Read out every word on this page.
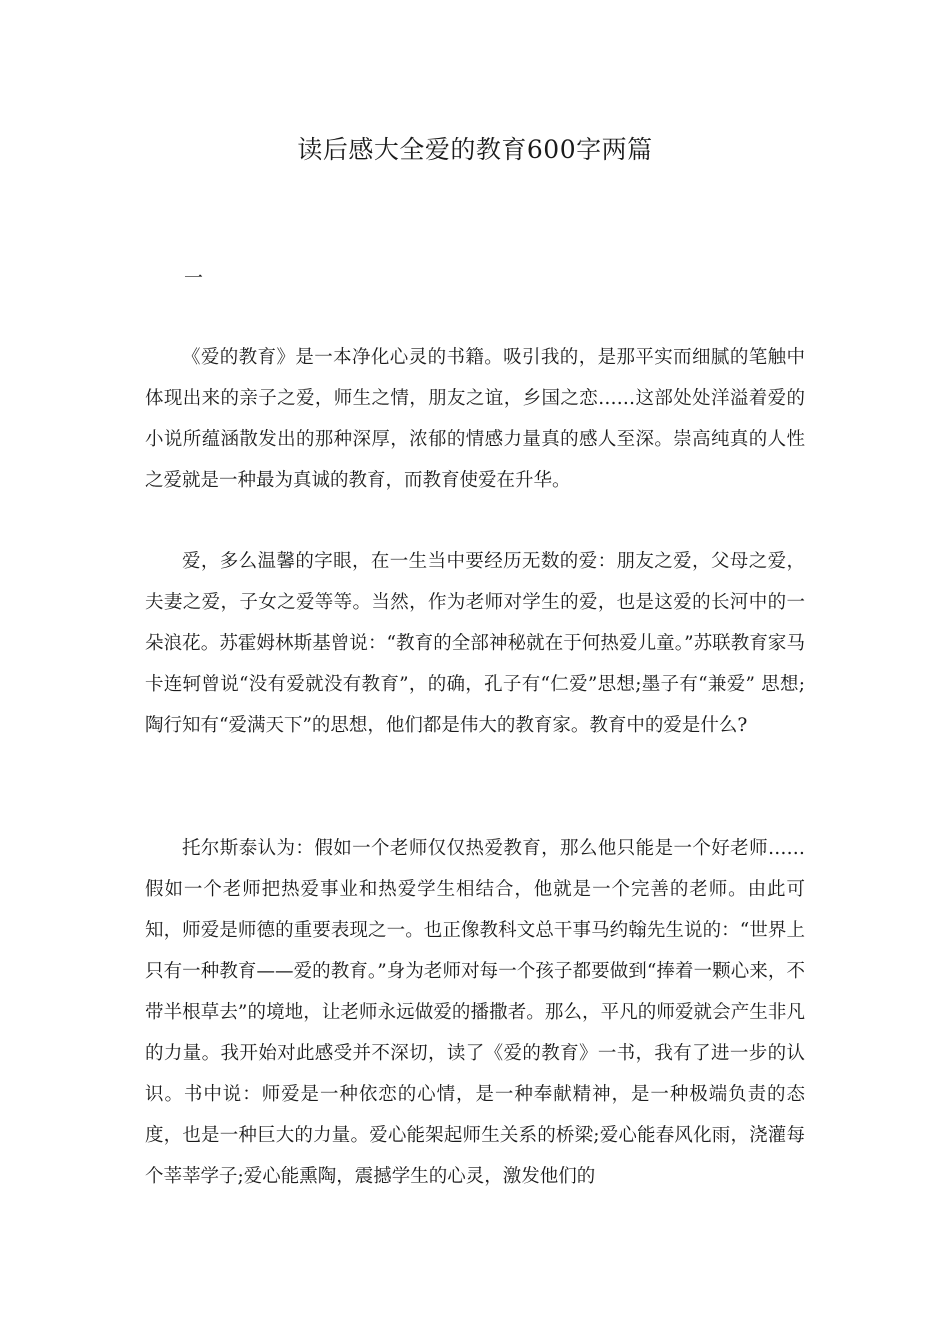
读后感大全爱的教育600字两篇
一

《爱的教育》是一本净化心灵的书籍。吸引我的，是那平实而细腻的笔触中体现出来的亲子之爱，师生之情，朋友之谊，乡国之恋……这部处处洋溢着爱的小说所蕴涵散发出的那种深厚，浓郁的情感力量真的感人至深。崇高纯真的人性之爱就是一种最为真诚的教育，而教育使爱在升华。

爱，多么温馨的字眼，在一生当中要经历无数的爱：朋友之爱，父母之爱，夫妻之爱，子女之爱等等。当然，作为老师对学生的爱，也是这爱的长河中的一朵浪花。苏霍姆林斯基曾说：“教育的全部神秘就在于何热爱儿童。”苏联教育家马卡连轲曾说“没有爱就没有教育”，的确，孔子有“仁爱”思想;墨子有“兼爱” 思想;陶行知有“爱满天下”的思想，他们都是伟大的教育家。教育中的爱是什么?

托尔斯泰认为：假如一个老师仅仅热爱教育，那么他只能是一个好老师……假如一个老师把热爱事业和热爱学生相结合，他就是一个完善的老师。由此可知，师爱是师德的重要表现之一。也正像教科文总干事马约翰先生说的：“世界上只有一种教育——爱的教育。”身为老师对每一个孩子都要做到“捧着一颗心来，不带半根草去”的境地，让老师永远做爱的播撒者。那么，平凡的师爱就会产生非凡的力量。我开始对此感受并不深切，读了《爱的教育》一书，我有了进一步的认识。书中说：师爱是一种依恋的心情，是一种奉献精神，是一种极端负责的态度，也是一种巨大的力量。爱心能架起师生关系的桥梁;爱心能春风化雨，浇灌每个莘莘学子;爱心能熏陶，震撼学生的心灵，激发他们的
